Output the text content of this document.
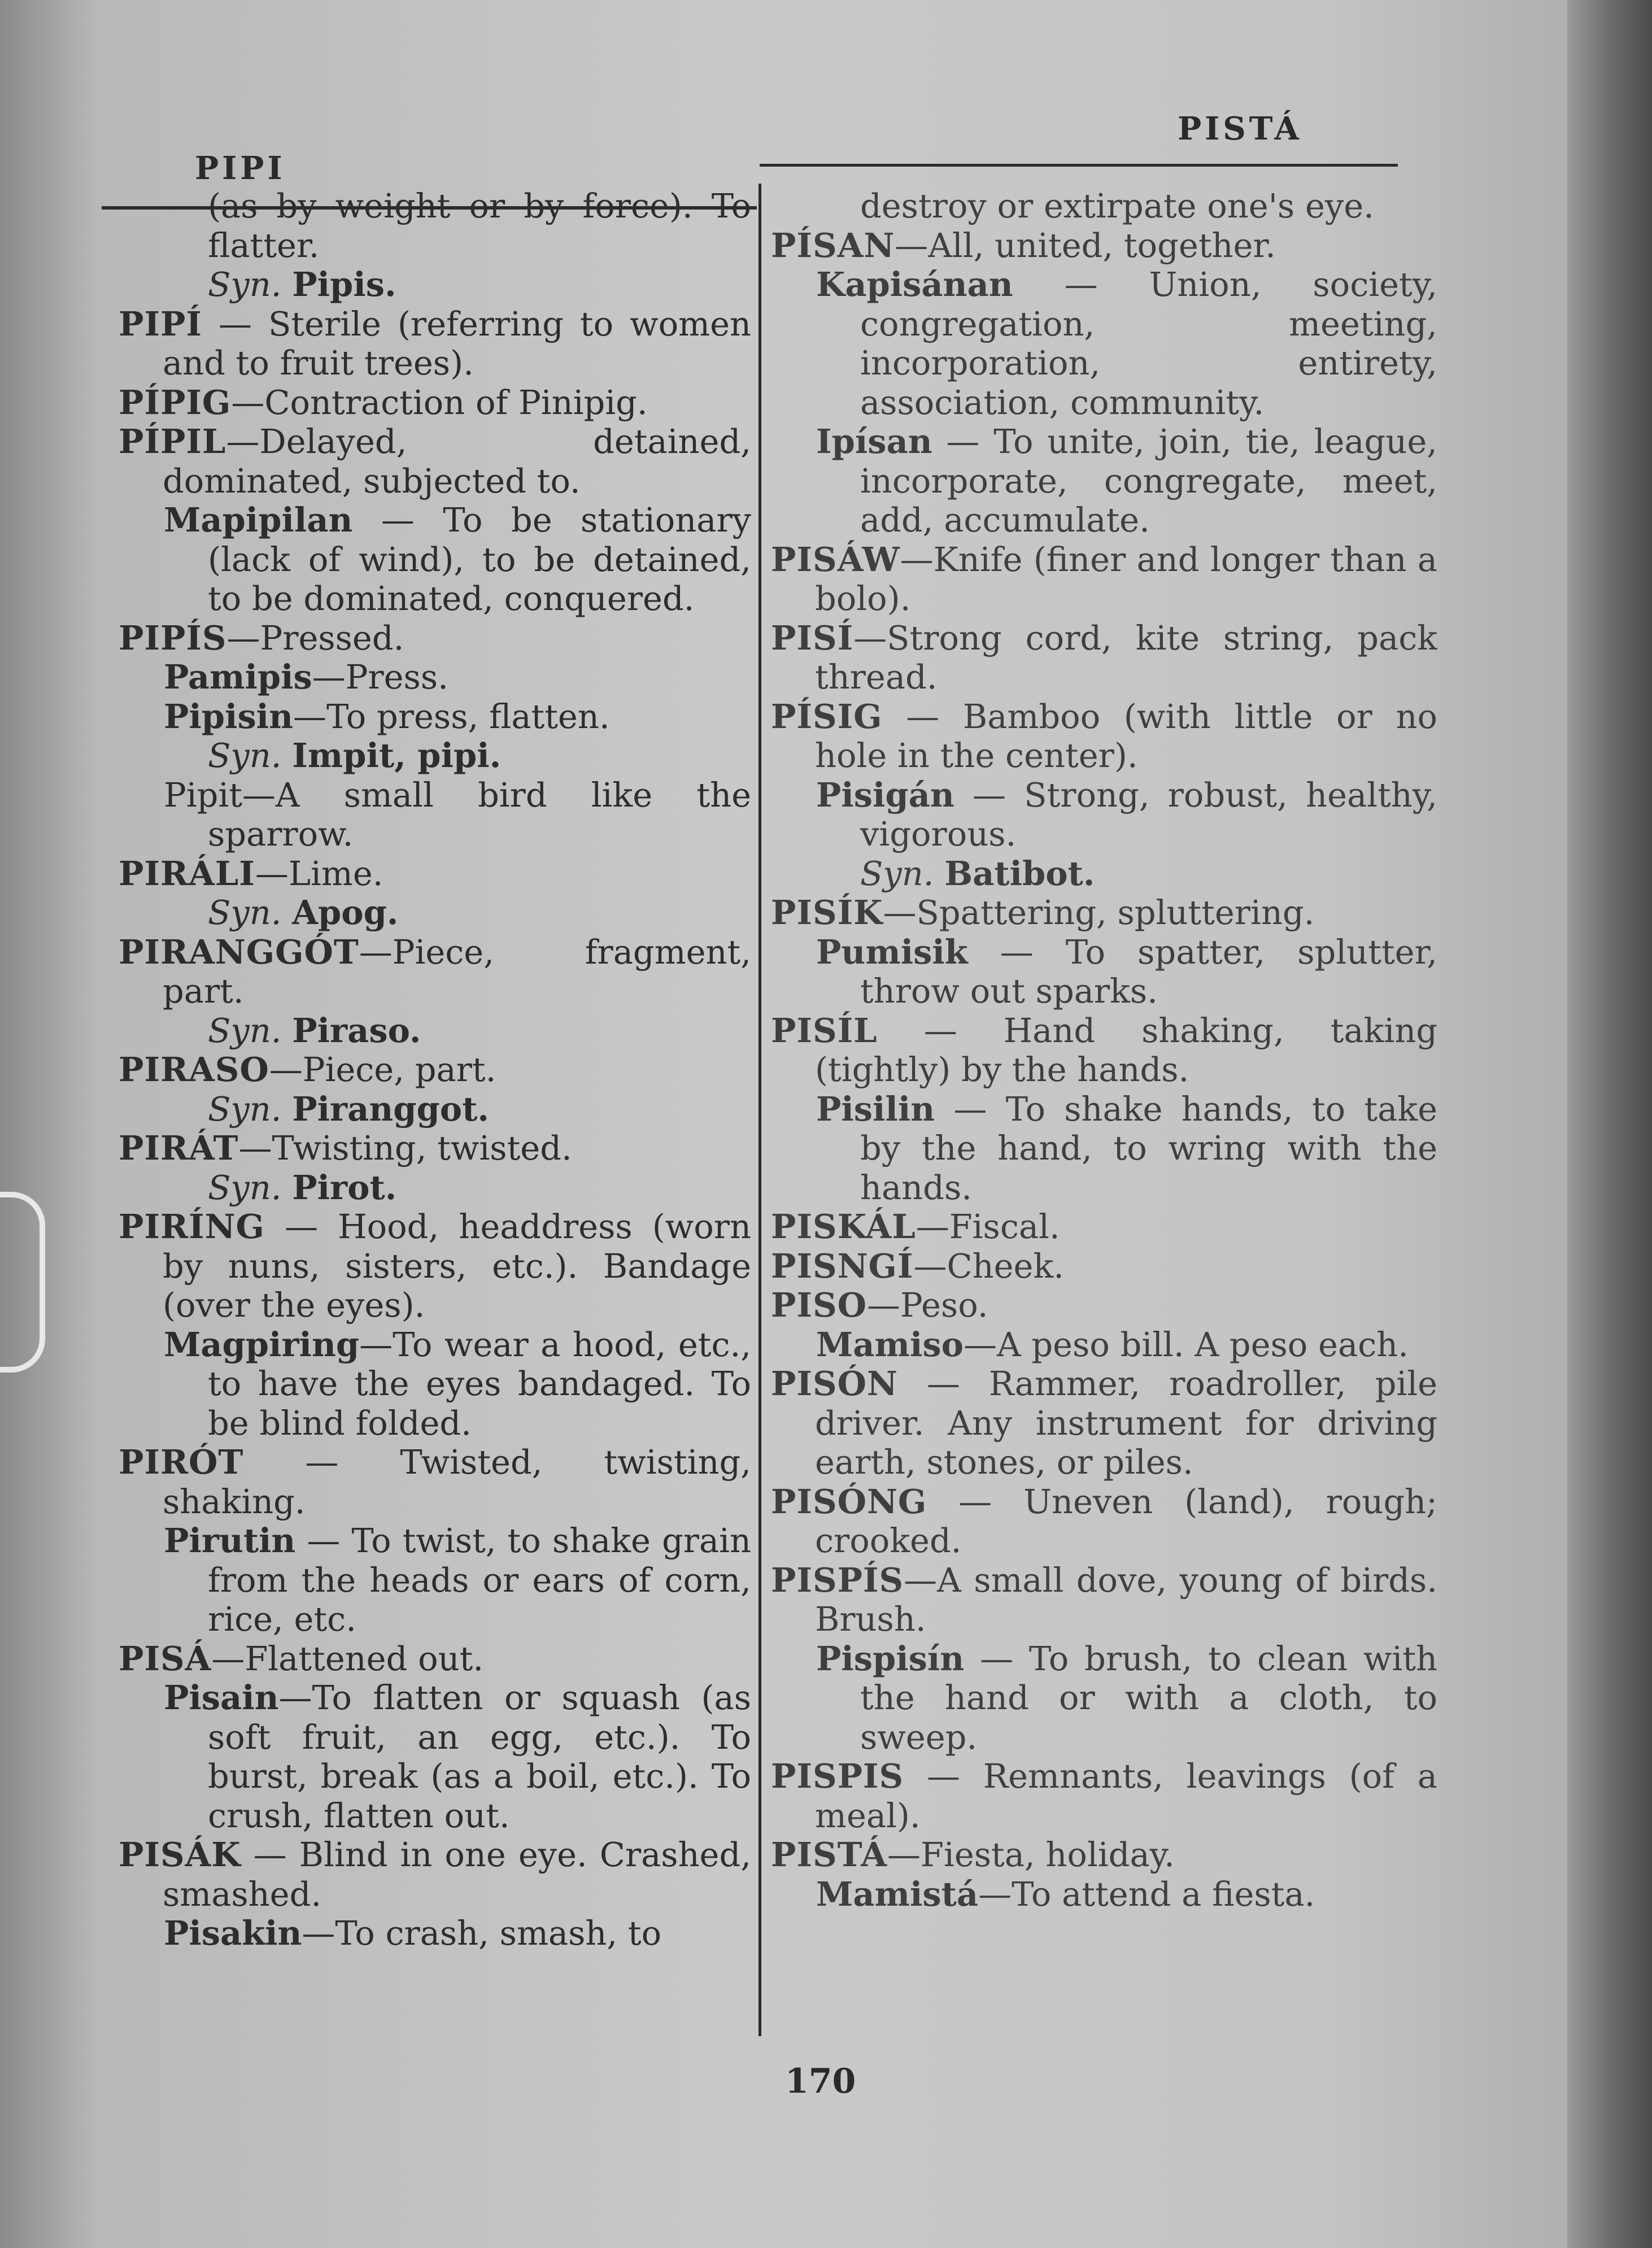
PIPI
PISTÁ

(as by weight or by force). To flatter.

Syn. Pipis.

PIPÍ — Sterile (referring to women and to fruit trees).

PÍPIG—Contraction of Pinipig.

PÍPIL—Delayed, detained, dominated, subjected to.

Mapipilan — To be stationary (lack of wind), to be detained, to be dominated, conquered.

PIPÍS—Pressed.

Pamipis—Press.

Pipisin—To press, flatten.

Syn. Impit, pipi.

Pipit—A small bird like the sparrow.

PIRÁLI—Lime.

Syn. Apog.

PIRANGGÓT—Piece, fragment, part.

Syn. Piraso.

PIRASO—Piece, part.

Syn. Piranggot.

PIRÁT—Twisting, twisted.

Syn. Pirot.

PIRÍNG — Hood, headdress (worn by nuns, sisters, etc.). Bandage (over the eyes).

Magpiring—To wear a hood, etc., to have the eyes bandaged. To be blind folded.

PIRÓT — Twisted, twisting, shaking.

Pirutin — To twist, to shake grain from the heads or ears of corn, rice, etc.

PISÁ—Flattened out.

Pisain—To flatten or squash (as soft fruit, an egg, etc.). To burst, break (as a boil, etc.). To crush, flatten out.

PISÁK — Blind in one eye. Crashed, smashed.

Pisakin—To crash, smash, to

destroy or extirpate one's eye.

PÍSAN—All, united, together.

Kapisánan — Union, society, congregation, meeting, incorporation, entirety, association, community.

Ipísan — To unite, join, tie, league, incorporate, congregate, meet, add, accumulate.

PISÁW—Knife (finer and longer than a bolo).

PISÍ—Strong cord, kite string, pack thread.

PÍSIG — Bamboo (with little or no hole in the center).

Pisigán — Strong, robust, healthy, vigorous.

Syn. Batibot.

PISÍK—Spattering, spluttering.

Pumisik — To spatter, splutter, throw out sparks.

PISÍL — Hand shaking, taking (tightly) by the hands.

Pisilin — To shake hands, to take by the hand, to wring with the hands.

PISKÁL—Fiscal.

PISNGÍ—Cheek.

PISO—Peso.

Mamiso—A peso bill. A peso each.

PISÓN — Rammer, roadroller, pile driver. Any instrument for driving earth, stones, or piles.

PISÓNG — Uneven (land), rough; crooked.

PISPÍS—A small dove, young of birds. Brush.

Pispisín — To brush, to clean with the hand or with a cloth, to sweep.

PISPIS — Remnants, leavings (of a meal).

PISTÁ—Fiesta, holiday.

Mamistá—To attend a fiesta.

170
